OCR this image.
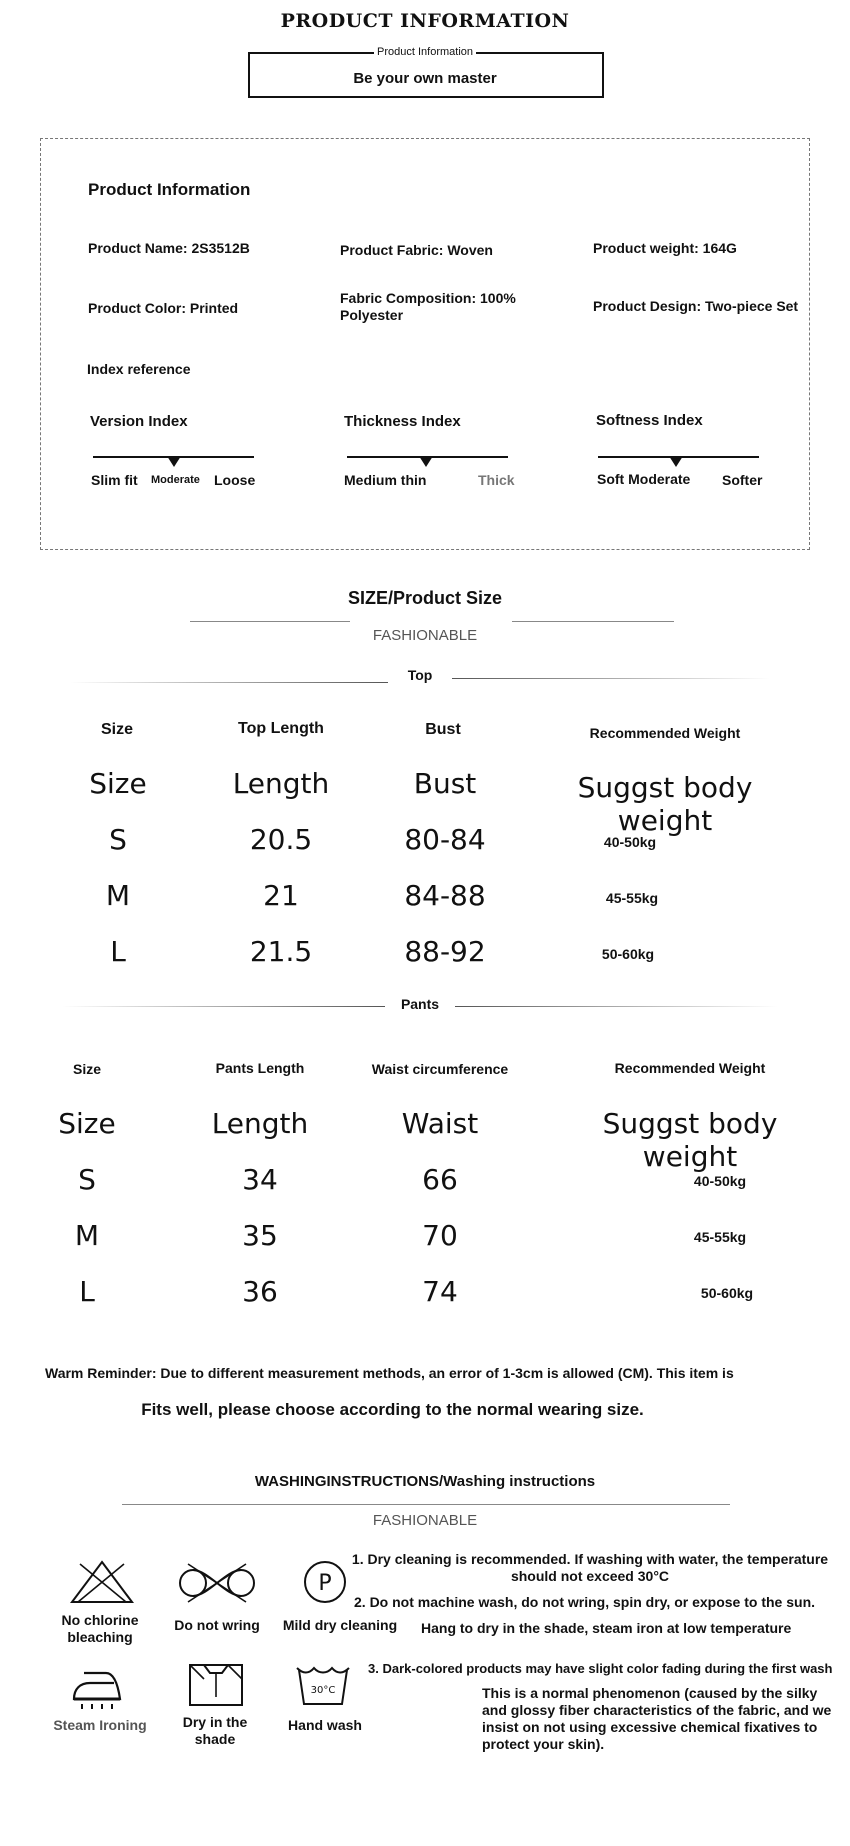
PRODUCT INFORMATION
Product Information
Be your own master
Product Information
Product Name: 2S3512B	Product Fabric: Woven	Product weight: 164G
Product Color: Printed
Fabric Composition: 100% Polyester
Product Design: Two-piece Set
Index reference
Version Index
Slim fit Moderate Loose
Thickness Index
Medium thin	Thick
Softness Index
Soft Moderate Softer
SIZE/Product Size
FASHIONABLE
Top
Size	Top Length	Bust	Recommended Weight
Size	Length	Bust	Suggst body weight
S	20.5	80-84	40-50kg
M	21	84-88	45-55kg
L	21.5	88-92	50-60kg
Pants
Size	Pants Length	Waist circumference	Recommended Weight
Size	Length	Waist	Suggst body weight
S	34	66	40-50kg
M	35	70	45-55kg
L	36	74	50-60kg
Warm Reminder: Due to different measurement methods, an error of 1-3cm is allowed (CM). This item is
Fits well, please choose according to the normal wearing size.
WASHINGINSTRUCTIONS/Washing instructions
FASHIONABLE
No chlorine bleaching
Do not wring
P
Mild dry cleaning
1. Dry cleaning is recommended. If washing with water, the temperature should not exceed 30°C
2. Do not machine wash, do not wring, spin dry, or expose to the sun.
Hang to dry in the shade, steam iron at low temperature
3. Dark-colored products may have slight color fading during the first wash
This is a normal phenomenon (caused by the silky and glossy fiber characteristics of the fabric, and we insist on not using excessive chemical fixatives to protect your skin).
Steam Ironing	Dry in the shade
30°C
Hand wash
